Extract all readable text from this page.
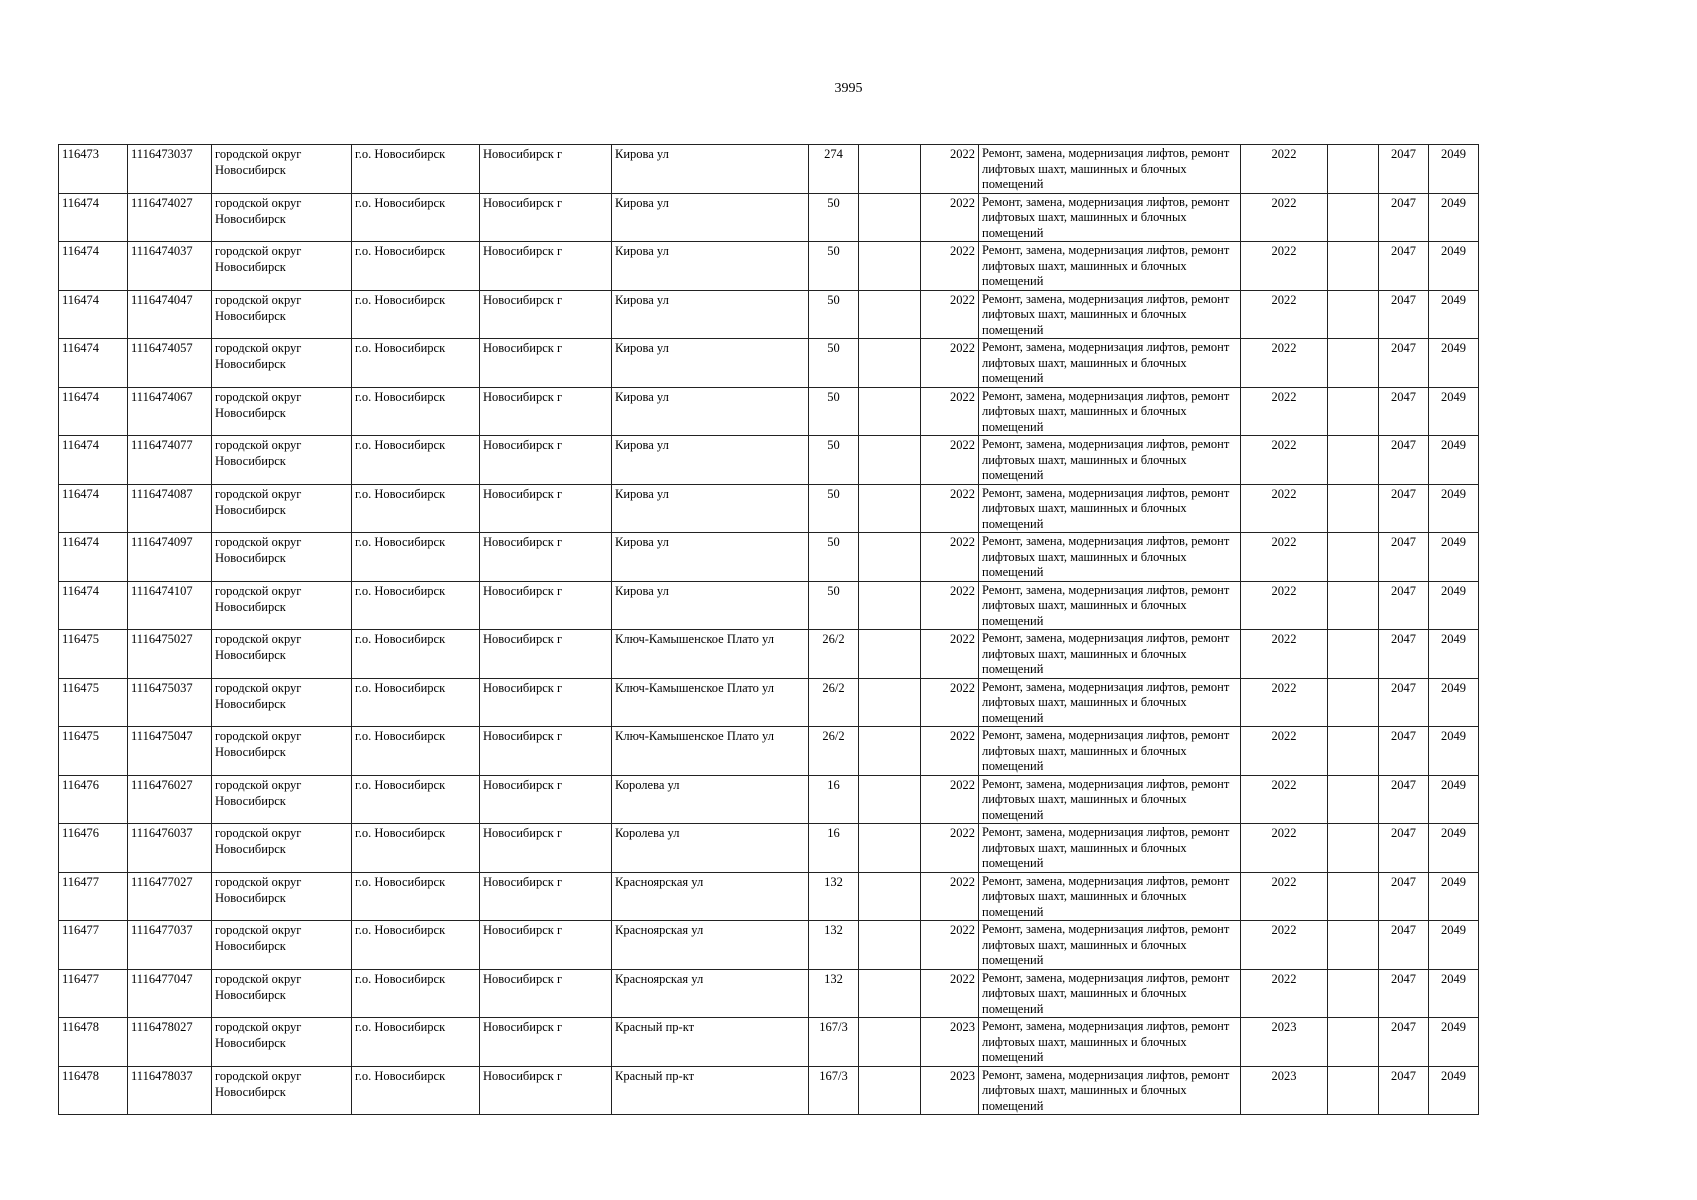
3995
116473	1116473037	городской округ Новосибирск	г.о. Новосибирск	Новосибирск г	Кирова ул	274		2022	Ремонт, замена, модернизация лифтов, ремонт лифтовых шахт, машинных и блочных помещений	2022		2047	2049
116474	1116474027	городской округ Новосибирск	г.о. Новосибирск	Новосибирск г	Кирова ул	50		2022	Ремонт, замена, модернизация лифтов, ремонт лифтовых шахт, машинных и блочных помещений	2022		2047	2049
116474	1116474037	городской округ Новосибирск	г.о. Новосибирск	Новосибирск г	Кирова ул	50		2022	Ремонт, замена, модернизация лифтов, ремонт лифтовых шахт, машинных и блочных помещений	2022		2047	2049
116474	1116474047	городской округ Новосибирск	г.о. Новосибирск	Новосибирск г	Кирова ул	50		2022	Ремонт, замена, модернизация лифтов, ремонт лифтовых шахт, машинных и блочных помещений	2022		2047	2049
116474	1116474057	городской округ Новосибирск	г.о. Новосибирск	Новосибирск г	Кирова ул	50		2022	Ремонт, замена, модернизация лифтов, ремонт лифтовых шахт, машинных и блочных помещений	2022		2047	2049
116474	1116474067	городской округ Новосибирск	г.о. Новосибирск	Новосибирск г	Кирова ул	50		2022	Ремонт, замена, модернизация лифтов, ремонт лифтовых шахт, машинных и блочных помещений	2022		2047	2049
116474	1116474077	городской округ Новосибирск	г.о. Новосибирск	Новосибирск г	Кирова ул	50		2022	Ремонт, замена, модернизация лифтов, ремонт лифтовых шахт, машинных и блочных помещений	2022		2047	2049
116474	1116474087	городской округ Новосибирск	г.о. Новосибирск	Новосибирск г	Кирова ул	50		2022	Ремонт, замена, модернизация лифтов, ремонт лифтовых шахт, машинных и блочных помещений	2022		2047	2049
116474	1116474097	городской округ Новосибирск	г.о. Новосибирск	Новосибирск г	Кирова ул	50		2022	Ремонт, замена, модернизация лифтов, ремонт лифтовых шахт, машинных и блочных помещений	2022		2047	2049
116474	1116474107	городской округ Новосибирск	г.о. Новосибирск	Новосибирск г	Кирова ул	50		2022	Ремонт, замена, модернизация лифтов, ремонт лифтовых шахт, машинных и блочных помещений	2022		2047	2049
116475	1116475027	городской округ Новосибирск	г.о. Новосибирск	Новосибирск г	Ключ-Камышенское Плато ул	26/2		2022	Ремонт, замена, модернизация лифтов, ремонт лифтовых шахт, машинных и блочных помещений	2022		2047	2049
116475	1116475037	городской округ Новосибирск	г.о. Новосибирск	Новосибирск г	Ключ-Камышенское Плато ул	26/2		2022	Ремонт, замена, модернизация лифтов, ремонт лифтовых шахт, машинных и блочных помещений	2022		2047	2049
116475	1116475047	городской округ Новосибирск	г.о. Новосибирск	Новосибирск г	Ключ-Камышенское Плато ул	26/2		2022	Ремонт, замена, модернизация лифтов, ремонт лифтовых шахт, машинных и блочных помещений	2022		2047	2049
116476	1116476027	городской округ Новосибирск	г.о. Новосибирск	Новосибирск г	Королева ул	16		2022	Ремонт, замена, модернизация лифтов, ремонт лифтовых шахт, машинных и блочных помещений	2022		2047	2049
116476	1116476037	городской округ Новосибирск	г.о. Новосибирск	Новосибирск г	Королева ул	16		2022	Ремонт, замена, модернизация лифтов, ремонт лифтовых шахт, машинных и блочных помещений	2022		2047	2049
116477	1116477027	городской округ Новосибирск	г.о. Новосибирск	Новосибирск г	Красноярская ул	132		2022	Ремонт, замена, модернизация лифтов, ремонт лифтовых шахт, машинных и блочных помещений	2022		2047	2049
116477	1116477037	городской округ Новосибирск	г.о. Новосибирск	Новосибирск г	Красноярская ул	132		2022	Ремонт, замена, модернизация лифтов, ремонт лифтовых шахт, машинных и блочных помещений	2022		2047	2049
116477	1116477047	городской округ Новосибирск	г.о. Новосибирск	Новосибирск г	Красноярская ул	132		2022	Ремонт, замена, модернизация лифтов, ремонт лифтовых шахт, машинных и блочных помещений	2022		2047	2049
116478	1116478027	городской округ Новосибирск	г.о. Новосибирск	Новосибирск г	Красный пр-кт	167/3		2023	Ремонт, замена, модернизация лифтов, ремонт лифтовых шахт, машинных и блочных помещений	2023		2047	2049
116478	1116478037	городской округ Новосибирск	г.о. Новосибирск	Новосибирск г	Красный пр-кт	167/3		2023	Ремонт, замена, модернизация лифтов, ремонт лифтовых шахт, машинных и блочных помещений	2023		2047	2049
